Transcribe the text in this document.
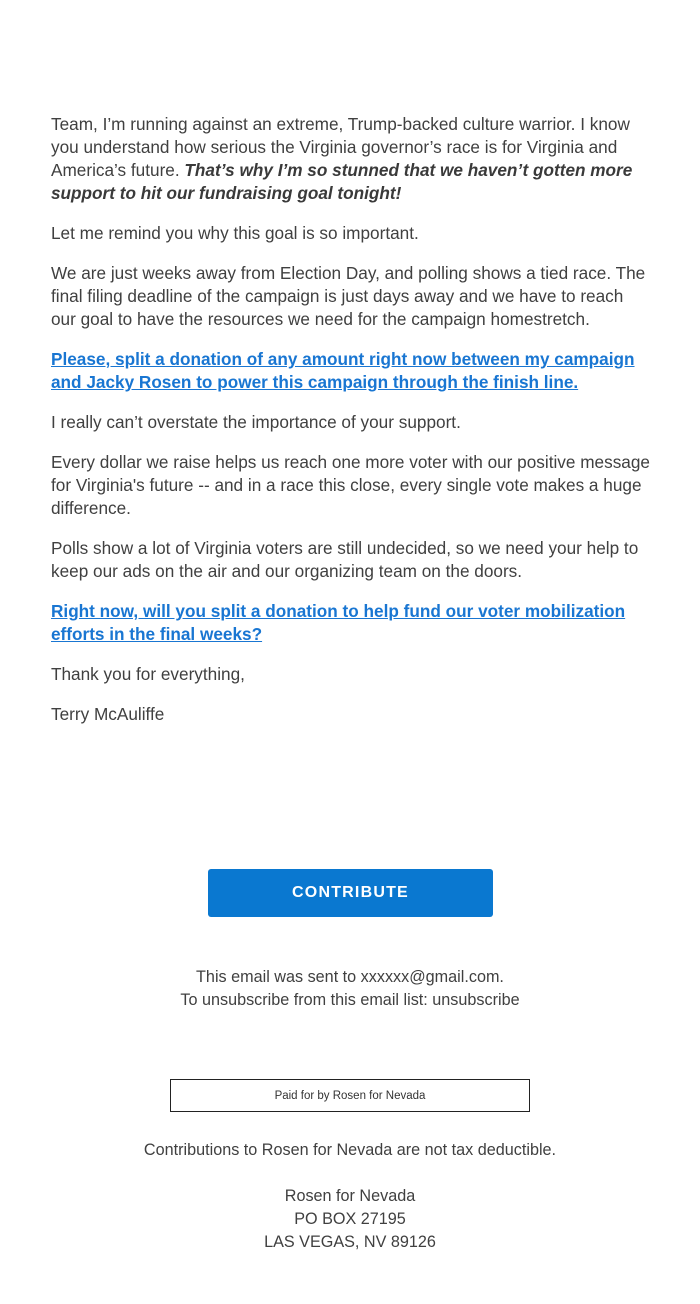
Team, I’m running against an extreme, Trump-backed culture warrior. I know you understand how serious the Virginia governor’s race is for Virginia and America’s future. That’s why I’m so stunned that we haven’t gotten more support to hit our fundraising goal tonight!

Let me remind you why this goal is so important.

We are just weeks away from Election Day, and polling shows a tied race. The final filing deadline of the campaign is just days away and we have to reach our goal to have the resources we need for the campaign homestretch.

Please, split a donation of any amount right now between my campaign and Jacky Rosen to power this campaign through the finish line.

I really can’t overstate the importance of your support.

Every dollar we raise helps us reach one more voter with our positive message for Virginia's future -- and in a race this close, every single vote makes a huge difference.

Polls show a lot of Virginia voters are still undecided, so we need your help to keep our ads on the air and our organizing team on the doors.

Right now, will you split a donation to help fund our voter mobilization efforts in the final weeks?

Thank you for everything,

Terry McAuliffe

CONTRIBUTE
This email was sent to xxxxxx@gmail.com.
To unsubscribe from this email list: unsubscribe
Paid for by Rosen for Nevada
Contributions to Rosen for Nevada are not tax deductible.
Rosen for Nevada
PO BOX 27195
LAS VEGAS, NV 89126
